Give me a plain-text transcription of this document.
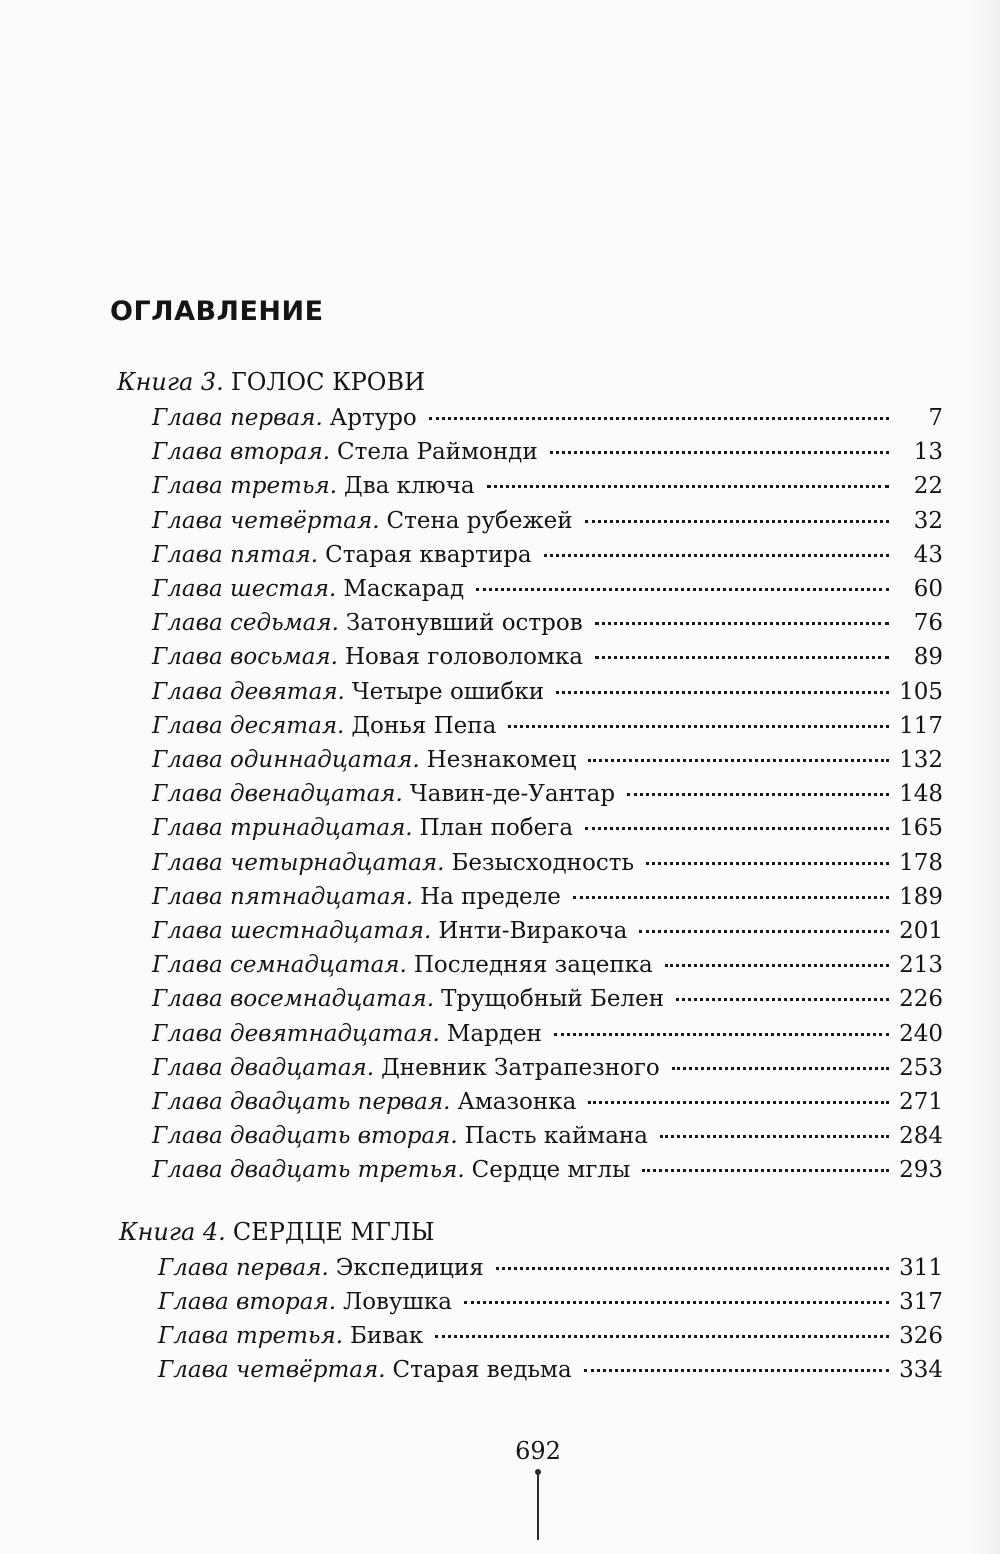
ОГЛАВЛЕНИЕ
Книга 3. ГОЛОС КРОВИ
Глава первая. Артуро	7
Глава вторая. Стела Раймонди	13
Глава третья. Два ключа	22
Глава четвёртая. Стена рубежей	32
Глава пятая. Старая квартира	43
Глава шестая. Маскарад	60
Глава седьмая. Затонувший остров	76
Глава восьмая. Новая головоломка	89
Глава девятая. Четыре ошибки	105
Глава десятая. Донья Пепа	117
Глава одиннадцатая. Незнакомец	132
Глава двенадцатая. Чавин-де-Уантар	148
Глава тринадцатая. План побега	165
Глава четырнадцатая. Безысходность	178
Глава пятнадцатая. На пределе	189
Глава шестнадцатая. Инти-Виракоча	201
Глава семнадцатая. Последняя зацепка	213
Глава восемнадцатая. Трущобный Белен	226
Глава девятнадцатая. Марден	240
Глава двадцатая. Дневник Затрапезного	253
Глава двадцать первая. Амазонка	271
Глава двадцать вторая. Пасть каймана	284
Глава двадцать третья. Сердце мглы	293
Книга 4. СЕРДЦЕ МГЛЫ
Глава первая. Экспедиция	311
Глава вторая. Ловушка	317
Глава третья. Бивак	326
Глава четвёртая. Старая ведьма	334
692
